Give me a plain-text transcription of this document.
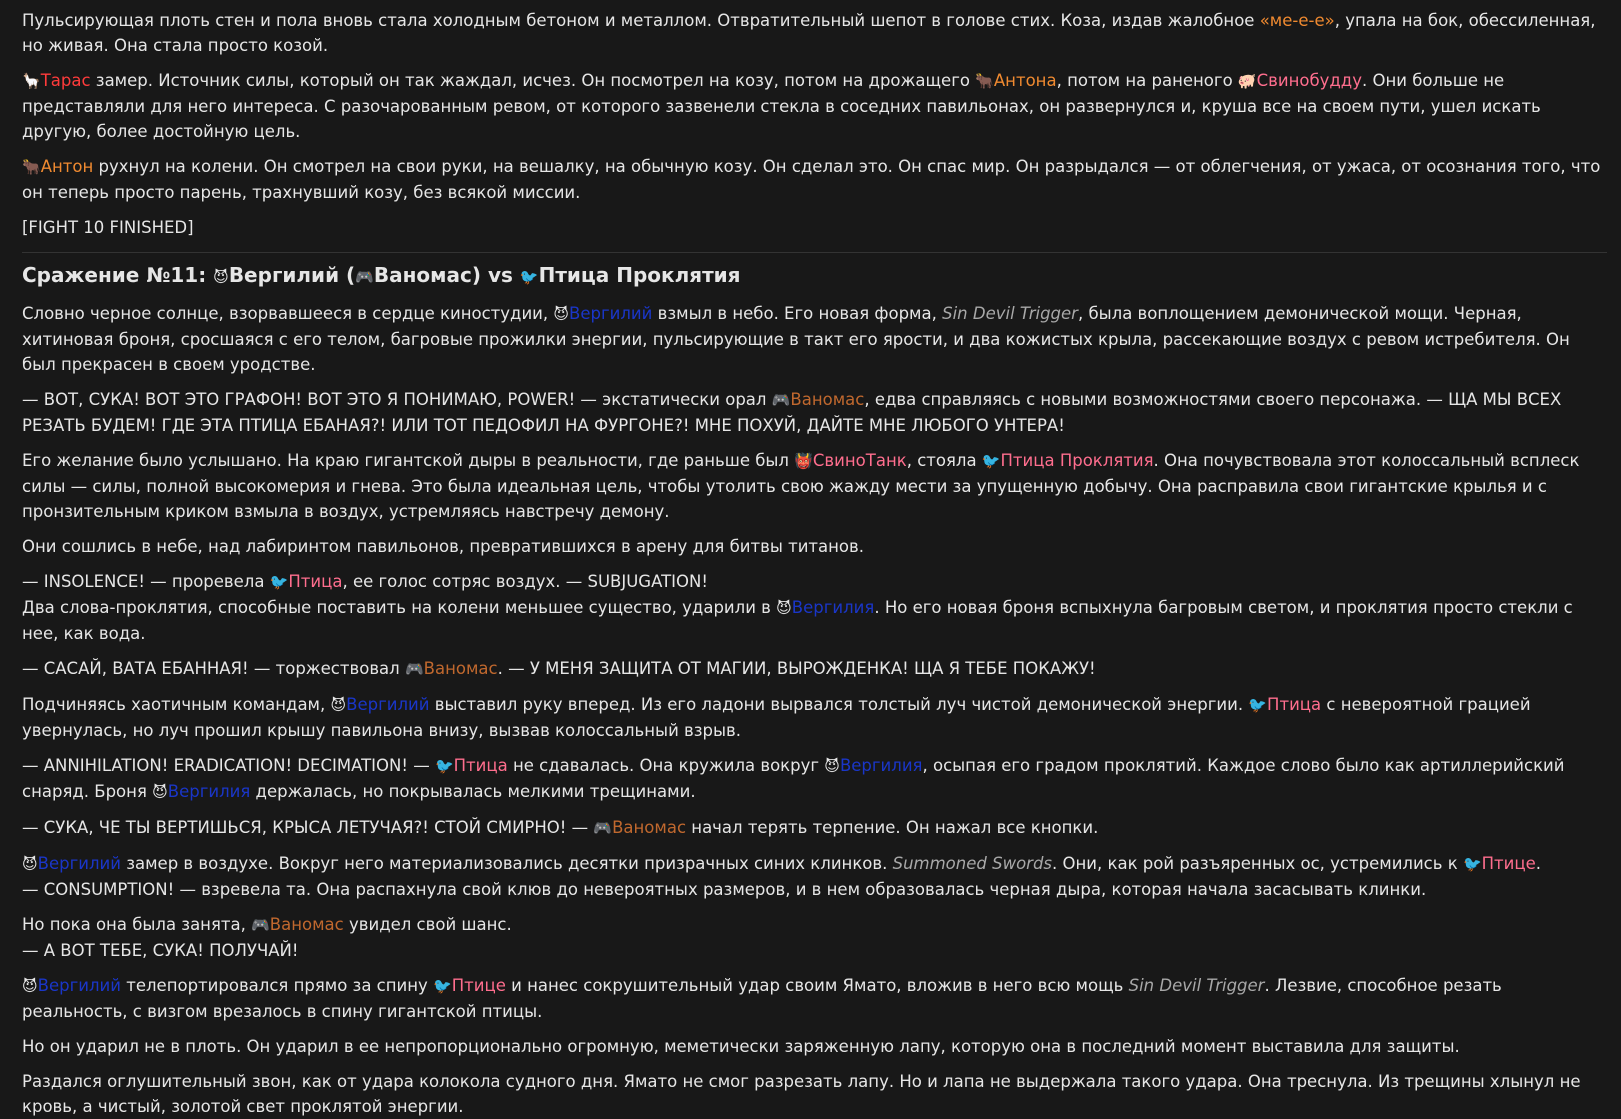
Пульсирующая плоть стен и пола вновь стала холодным бетоном и металлом. Отвратительный шепот в голове стих. Коза, издав жалобное «ме-е-е», упала на бок, обессиленная, но живая. Она стала просто козой.

🦙Тарас замер. Источник силы, который он так жаждал, исчез. Он посмотрел на козу, потом на дрожащего 🐂Антона, потом на раненого 🐖Свинобудду. Они больше не представляли для него интереса. С разочарованным ревом, от которого зазвенели стекла в соседних павильонах, он развернулся и, круша все на своем пути, ушел искать другую, более достойную цель.

🐂Антон рухнул на колени. Он смотрел на свои руки, на вешалку, на обычную козу. Он сделал это. Он спас мир. Он разрыдался — от облегчения, от ужаса, от осознания того, что он теперь просто парень, трахнувший козу, без всякой миссии.

[FIGHT 10 FINISHED]

Сражение №11: 😈Вергилий (🎮Ваномас) vs 🐦Птица Проклятия

Словно черное солнце, взорвавшееся в сердце киностудии, 😈Вергилий взмыл в небо. Его новая форма, Sin Devil Trigger, была воплощением демонической мощи. Черная, хитиновая броня, сросшаяся с его телом, багровые прожилки энергии, пульсирующие в такт его ярости, и два кожистых крыла, рассекающие воздух с ревом истребителя. Он был прекрасен в своем уродстве.

— ВОТ, СУКА! ВОТ ЭТО ГРАФОН! ВОТ ЭТО Я ПОНИМАЮ, POWER! — экстатически орал 🎮Ваномас, едва справляясь с новыми возможностями своего персонажа. — ЩА МЫ ВСЕХ РЕЗАТЬ БУДЕМ! ГДЕ ЭТА ПТИЦА ЕБАНАЯ?! ИЛИ ТОТ ПЕДОФИЛ НА ФУРГОНЕ?! МНЕ ПОХУЙ, ДАЙТЕ МНЕ ЛЮБОГО УНТЕРА!

Его желание было услышано. На краю гигантской дыры в реальности, где раньше был 👹СвиноТанк, стояла 🐦Птица Проклятия. Она почувствовала этот колоссальный всплеск силы — силы, полной высокомерия и гнева. Это была идеальная цель, чтобы утолить свою жажду мести за упущенную добычу. Она расправила свои гигантские крылья и с пронзительным криком взмыла в воздух, устремляясь навстречу демону.

Они сошлись в небе, над лабиринтом павильонов, превратившихся в арену для битвы титанов.

— INSOLENCE! — проревела 🐦Птица, ее голос сотряс воздух. — SUBJUGATION!
Два слова-проклятия, способные поставить на колени меньшее существо, ударили в 😈Вергилия. Но его новая броня вспыхнула багровым светом, и проклятия просто стекли с нее, как вода.

— САСАЙ, ВАТА ЕБАННАЯ! — торжествовал 🎮Ваномас. — У МЕНЯ ЗАЩИТА ОТ МАГИИ, ВЫРОЖДЕНКА! ЩА Я ТЕБЕ ПОКАЖУ!

Подчиняясь хаотичным командам, 😈Вергилий выставил руку вперед. Из его ладони вырвался толстый луч чистой демонической энергии. 🐦Птица с невероятной грацией увернулась, но луч прошил крышу павильона внизу, вызвав колоссальный взрыв.

— ANNIHILATION! ERADICATION! DECIMATION! — 🐦Птица не сдавалась. Она кружила вокруг 😈Вергилия, осыпая его градом проклятий. Каждое слово было как артиллерийский снаряд. Броня 😈Вергилия держалась, но покрывалась мелкими трещинами.

— СУКА, ЧЕ ТЫ ВЕРТИШЬСЯ, КРЫСА ЛЕТУЧАЯ?! СТОЙ СМИРНО! — 🎮Ваномас начал терять терпение. Он нажал все кнопки.

😈Вергилий замер в воздухе. Вокруг него материализовались десятки призрачных синих клинков. Summoned Swords. Они, как рой разъяренных ос, устремились к 🐦Птице.
— CONSUMPTION! — взревела та. Она распахнула свой клюв до невероятных размеров, и в нем образовалась черная дыра, которая начала засасывать клинки.

Но пока она была занята, 🎮Ваномас увидел свой шанс.
— А ВОТ ТЕБЕ, СУКА! ПОЛУЧАЙ!

😈Вергилий телепортировался прямо за спину 🐦Птице и нанес сокрушительный удар своим Ямато, вложив в него всю мощь Sin Devil Trigger. Лезвие, способное резать реальность, с визгом врезалось в спину гигантской птицы.

Но он ударил не в плоть. Он ударил в ее непропорционально огромную, меметически заряженную лапу, которую она в последний момент выставила для защиты.

Раздался оглушительный звон, как от удара колокола судного дня. Ямато не смог разрезать лапу. Но и лапа не выдержала такого удара. Она треснула. Из трещины хлынул не кровь, а чистый, золотой свет проклятой энергии.
